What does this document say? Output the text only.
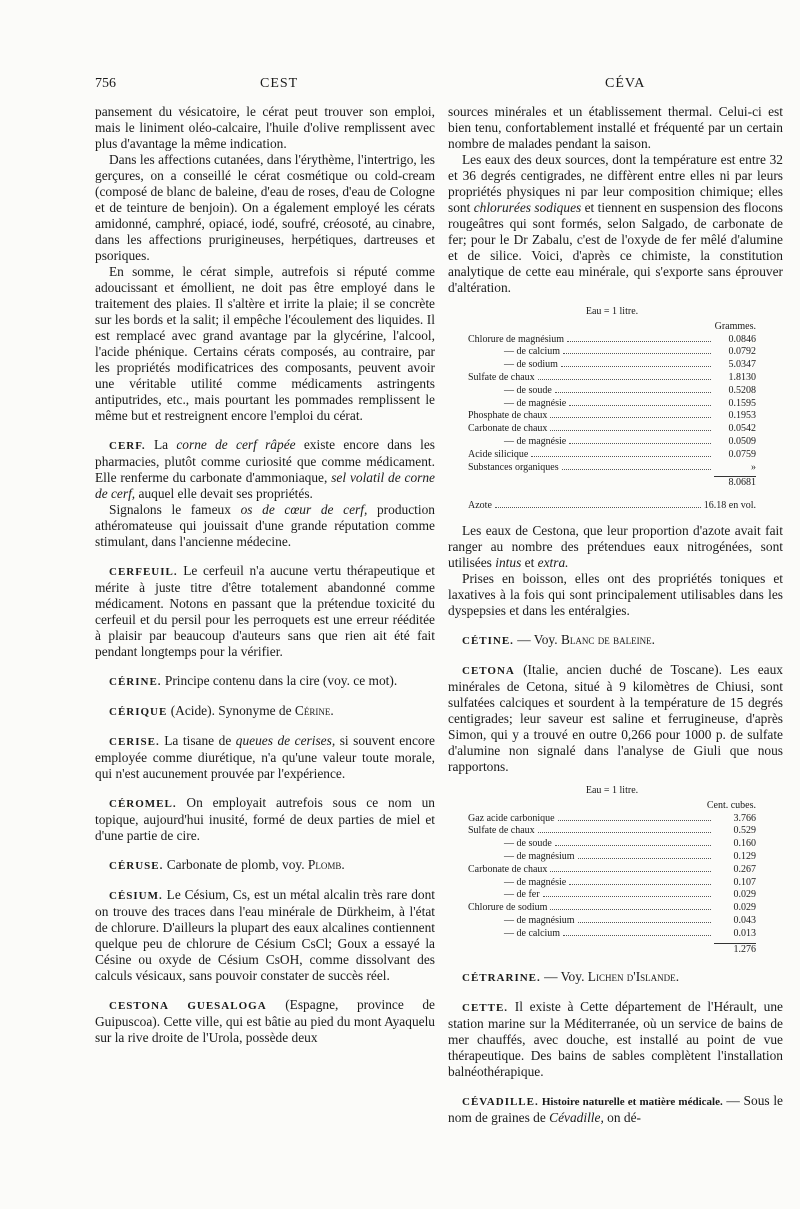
756	CEST	CÉVA

pansement du vésicatoire, le cérat peut trouver son emploi, mais le liniment oléo-calcaire, l'huile d'olive remplissent avec plus d'avantage la même indication.

Dans les affections cutanées, dans l'érythème, l'intertrigo, les gerçures, on a conseillé le cérat cosmétique ou cold-cream (composé de blanc de baleine, d'eau de roses, d'eau de Cologne et de teinture de benjoin). On a également employé les cérats amidonné, camphré, opiacé, iodé, soufré, créosoté, au cinabre, dans les affections prurigineuses, herpétiques, dartreuses et psoriques.

En somme, le cérat simple, autrefois si réputé comme adoucissant et émollient, ne doit pas être employé dans le traitement des plaies. Il s'altère et irrite la plaie; il se concrète sur les bords et la salit; il empêche l'écoulement des liquides. Il est remplacé avec grand avantage par la glycérine, l'alcool, l'acide phénique. Certains cérats composés, au contraire, par les propriétés modificatrices des composants, peuvent avoir une véritable utilité comme médicaments astringents antiputrides, etc., mais pourtant les pommades remplissent le même but et restreignent encore l'emploi du cérat.

CERF. La corne de cerf râpée existe encore dans les pharmacies, plutôt comme curiosité que comme médicament. Elle renferme du carbonate d'ammoniaque, sel volatil de corne de cerf, auquel elle devait ses propriétés.

Signalons le fameux os de cœur de cerf, production athéromateuse qui jouissait d'une grande réputation comme stimulant, dans l'ancienne médecine.

CERFEUIL. Le cerfeuil n'a aucune vertu thérapeutique et mérite à juste titre d'être totalement abandonné comme médicament. Notons en passant que la prétendue toxicité du cerfeuil et du persil pour les perroquets est une erreur rééditée à plaisir par beaucoup d'auteurs sans que rien ait été fait pendant longtemps pour la vérifier.

CÉRINE. Principe contenu dans la cire (voy. ce mot).

CÉRIQUE (Acide). Synonyme de Cérine.

CERISE. La tisane de queues de cerises, si souvent encore employée comme diurétique, n'a qu'une valeur toute morale, qui n'est aucunement prouvée par l'expérience.

CÉROMEL. On employait autrefois sous ce nom un topique, aujourd'hui inusité, formé de deux parties de miel et d'une partie de cire.

CÉRUSE. Carbonate de plomb, voy. Plomb.

CÉSIUM. Le Césium, Cs, est un métal alcalin très rare dont on trouve des traces dans l'eau minérale de Dürkheim, à l'état de chlorure. D'ailleurs la plupart des eaux alcalines contiennent quelque peu de chlorure de Césium CsCl; Goux a essayé la Césine ou oxyde de Césium CsOH, comme dissolvant des calculs vésicaux, sans pouvoir constater de succès réel.

CESTONA GUESALOGA (Espagne, province de Guipuscoa). Cette ville, qui est bâtie au pied du mont Ayaquelu sur la rive droite de l'Urola, possède deux

sources minérales et un établissement thermal. Celui-ci est bien tenu, confortablement installé et fréquenté par un certain nombre de malades pendant la saison.

Les eaux des deux sources, dont la température est entre 32 et 36 degrés centigrades, ne diffèrent entre elles ni par leurs propriétés physiques ni par leur composition chimique; elles sont chlorurées sodiques et tiennent en suspension des flocons rougeâtres qui sont formés, selon Salgado, de carbonate de fer; pour le Dr Zabalu, c'est de l'oxyde de fer mêlé d'alumine et de silice. Voici, d'après ce chimiste, la constitution analytique de cette eau minérale, qui s'exporte sans éprouver d'altération.

Eau = 1 litre.
Grammes.
Chlorure de magnésium	0.0846
— de calcium	0.0792
— de sodium	5.0347
Sulfate de chaux	1.8130
— de soude	0.5208
— de magnésie	0.1595
Phosphate de chaux	0.1953
Carbonate de chaux	0.0542
— de magnésie	0.0509
Acide silicique	0.0759
Substances organiques	»
8.0681
Azote	16.18 en vol.

Les eaux de Cestona, que leur proportion d'azote avait fait ranger au nombre des prétendues eaux nitrogénées, sont utilisées intus et extra.

Prises en boisson, elles ont des propriétés toniques et laxatives à la fois qui sont principalement utilisables dans les dyspepsies et dans les entéralgies.

CÉTINE. — Voy. Blanc de baleine.

CETONA (Italie, ancien duché de Toscane). Les eaux minérales de Cetona, situé à 9 kilomètres de Chiusi, sont sulfatées calciques et sourdent à la température de 15 degrés centigrades; leur saveur est saline et ferrugineuse, d'après Simon, qui y a trouvé en outre 0,266 pour 1000 p. de sulfate d'alumine non signalé dans l'analyse de Giuli que nous rapportons.

Eau = 1 litre.
Cent. cubes.
Gaz acide carbonique	3.766
Sulfate de chaux	0.529
— de soude	0.160
— de magnésium	0.129
Carbonate de chaux	0.267
— de magnésie	0.107
— de fer	0.029
Chlorure de sodium	0.029
— de magnésium	0.043
— de calcium	0.013
1.276

CÉTRARINE. — Voy. Lichen d'Islande.

CETTE. Il existe à Cette département de l'Hérault, une station marine sur la Méditerranée, où un service de bains de mer chauffés, avec douche, est installé au point de vue thérapeutique. Des bains de sables complètent l'installation balnéothérapique.

CÉVADILLE. Histoire naturelle et matière médicale. — Sous le nom de graines de Cévadille, on dé-
